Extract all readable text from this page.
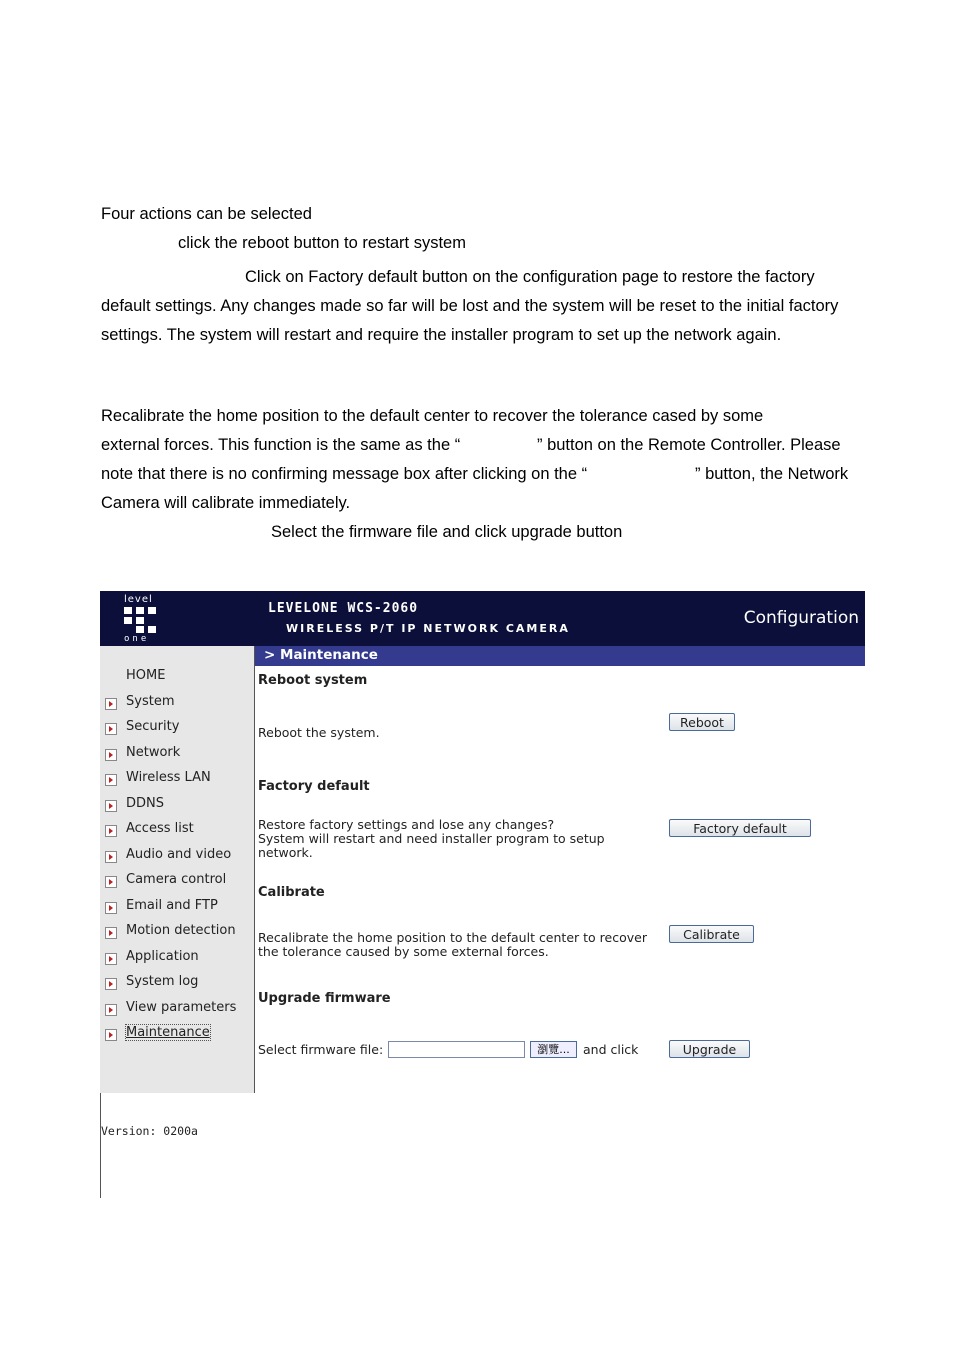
Four actions can be selected
click the reboot button to restart system
Click on Factory default button on the configuration page to restore the factory default settings. Any changes made so far will be lost and the system will be reset to the initial factory settings. The system will restart and require the installer program to set up the network again.
Recalibrate the home position to the default center to recover the tolerance cased by some
external forces. This function is the same as the “	” button on the Remote Controller. Please
note that there is no confirming message box after clicking on the “	” button, the Network
Camera will calibrate immediately.
Select the firmware file and click upgrade button
level
one
LEVELONE WCS-2060
WIRELESS P/T IP NETWORK CAMERA
Configuration
HOME
System
Security
Network
Wireless LAN
DDNS
Access list
Audio and video
Camera control
Email and FTP
Motion detection
Application
System log
View parameters
Maintenance
Version: 0200a
> Maintenance
Reboot system
Reboot the system.
Reboot
Factory default
Restore factory settings and lose any changes?
System will restart and need installer program to setup
network.
Factory default
Calibrate
Recalibrate the home position to the default center to recover
the tolerance caused by some external forces.
Calibrate
Upgrade firmware
Select firmware file:	瀏覽...	and click	Upgrade
